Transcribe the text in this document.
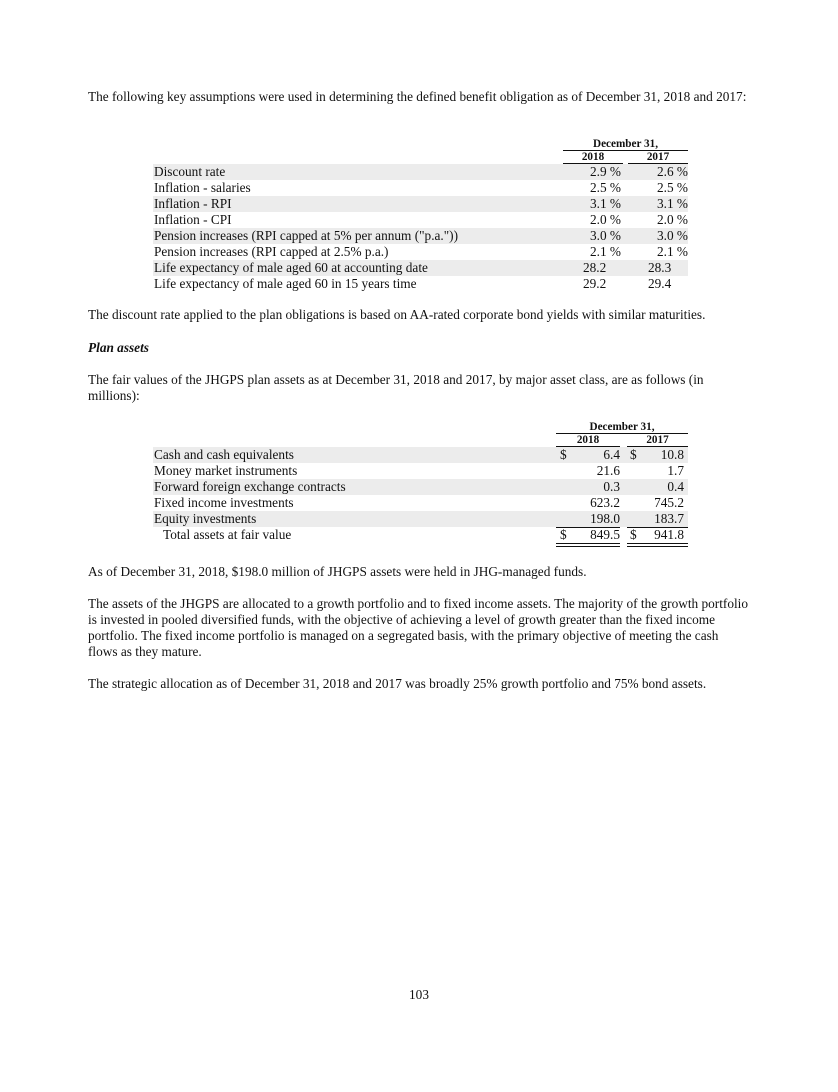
The following key assumptions were used in determining the defined benefit obligation as of December 31, 2018 and 2017:

December 31,
2018	2017
Discount rate	2.9 %	2.6 %
Inflation - salaries	2.5 %	2.5 %
Inflation - RPI	3.1 %	3.1 %
Inflation - CPI	2.0 %	2.0 %
Pension increases (RPI capped at 5% per annum ("p.a."))	3.0 %	3.0 %
Pension increases (RPI capped at 2.5% p.a.)	2.1 %	2.1 %
Life expectancy of male aged 60 at accounting date	28.2	28.3
Life expectancy of male aged 60 in 15 years time	29.2	29.4

The discount rate applied to the plan obligations is based on AA-rated corporate bond yields with similar maturities.

Plan assets

The fair values of the JHGPS plan assets as at December 31, 2018 and 2017, by major asset class, are as follows (in millions):

December 31,
2018	2017
Cash and cash equivalents	$	6.4 $ 10.8
Money market instruments	21.6	1.7
Forward foreign exchange contracts	0.3	0.4
Fixed income investments	623.2	745.2
Equity investments	198.0	183.7
Total assets at fair value	$ 849.5 $ 941.8

As of December 31, 2018, $198.0 million of JHGPS assets were held in JHG-managed funds.

The assets of the JHGPS are allocated to a growth portfolio and to fixed income assets. The majority of the growth portfolio is invested in pooled diversified funds, with the objective of achieving a level of growth greater than the fixed income portfolio. The fixed income portfolio is managed on a segregated basis, with the primary objective of meeting the cash flows as they mature.

The strategic allocation as of December 31, 2018 and 2017 was broadly 25% growth portfolio and 75% bond assets.

103
